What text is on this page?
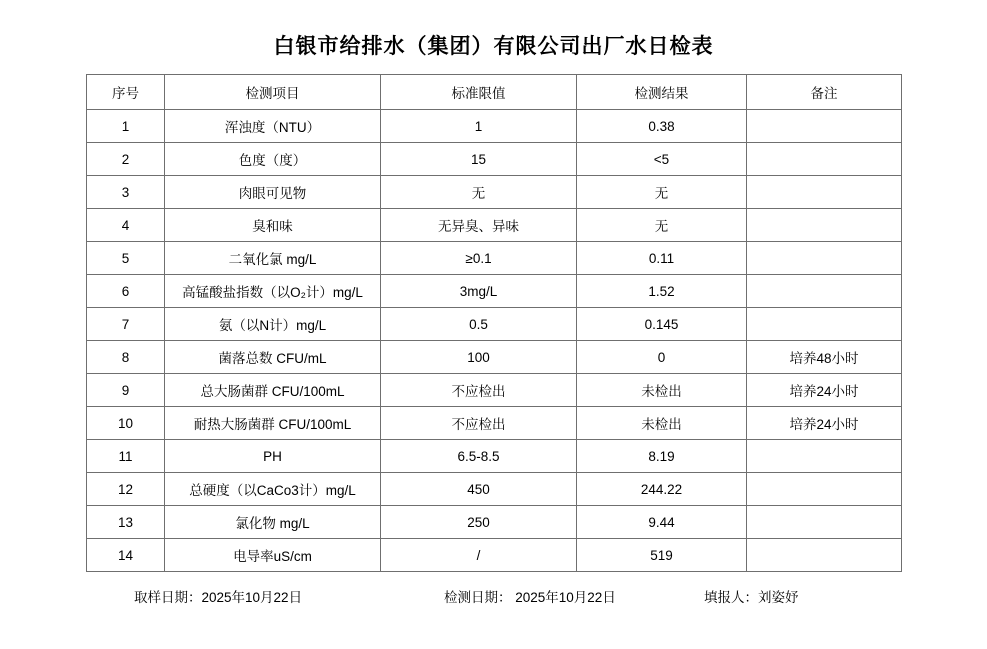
白银市给排水（集团）有限公司出厂水日检表
序号	检测项目	标准限值	检测结果	备注
1	浑浊度（NTU）	1	0.38	
2	色度（度）	15	<5	
3	肉眼可见物	无	无	
4	臭和味	无异臭、异味	无	
5	二氧化氯 mg/L	≥0.1	0.11	
6	高锰酸盐指数（以O₂计）mg/L	3mg/L	1.52	
7	氨（以N计）mg/L	0.5	0.145	
8	菌落总数 CFU/mL	100	0	培养48小时
9	总大肠菌群 CFU/100mL	不应检出	未检出	培养24小时
10	耐热大肠菌群 CFU/100mL	不应检出	未检出	培养24小时
11	PH	6.5-8.5	8.19	
12	总硬度（以CaCo3计）mg/L	450	244.22	
13	氯化物 mg/L	250	9.44	
14	电导率uS/cm	/	519	
取样日期：2025年10月22日	检测日期： 2025年10月22日	填报人：刘姿妤
